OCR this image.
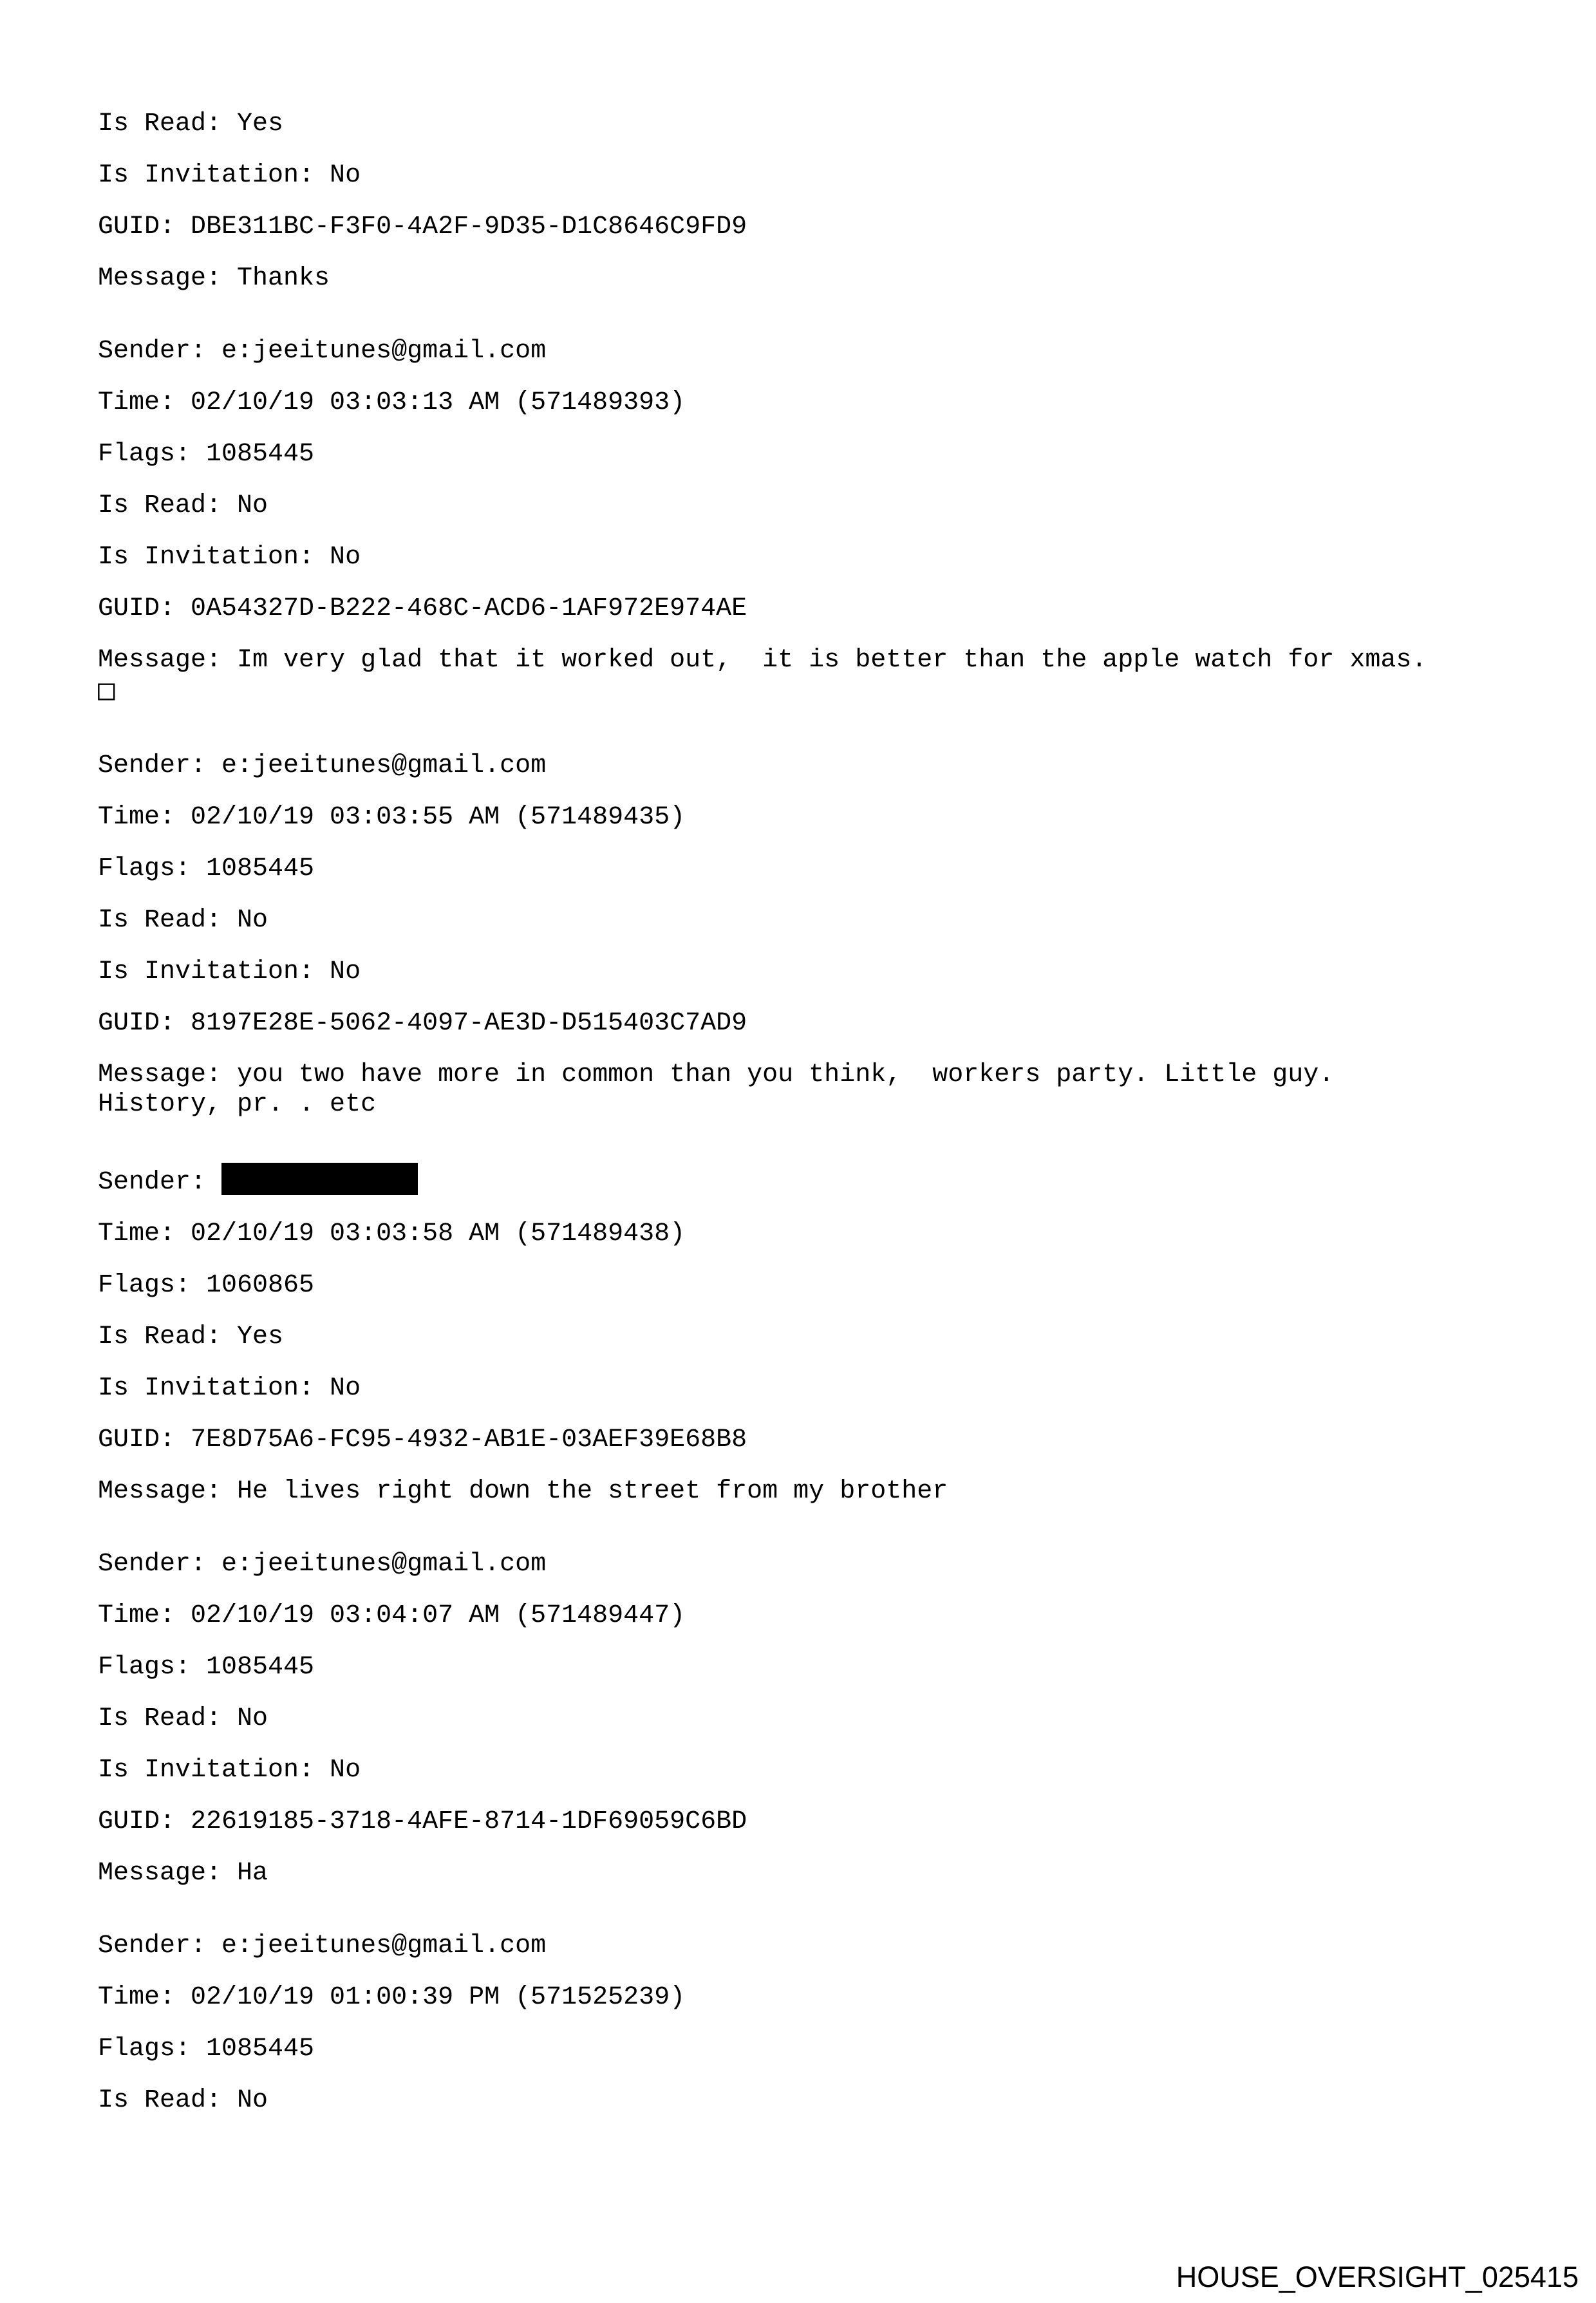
Is Read: Yes
Is Invitation: No
GUID: DBE311BC-F3F0-4A2F-9D35-D1C8646C9FD9
Message: Thanks
Sender: e:jeeitunes@gmail.com
Time: 02/10/19 03:03:13 AM (571489393)
Flags: 1085445
Is Read: No
Is Invitation: No
GUID: 0A54327D-B222-468C-ACD6-1AF972E974AE
Message: Im very glad that it worked out,  it is better than the apple watch for xmas.
□
Sender: e:jeeitunes@gmail.com
Time: 02/10/19 03:03:55 AM (571489435)
Flags: 1085445
Is Read: No
Is Invitation: No
GUID: 8197E28E-5062-4097-AE3D-D515403C7AD9
Message: you two have more in common than you think,  workers party. Little guy.
History, pr. . etc
Sender:
Time: 02/10/19 03:03:58 AM (571489438)
Flags: 1060865
Is Read: Yes
Is Invitation: No
GUID: 7E8D75A6-FC95-4932-AB1E-03AEF39E68B8
Message: He lives right down the street from my brother
Sender: e:jeeitunes@gmail.com
Time: 02/10/19 03:04:07 AM (571489447)
Flags: 1085445
Is Read: No
Is Invitation: No
GUID: 22619185-3718-4AFE-8714-1DF69059C6BD
Message: Ha
Sender: e:jeeitunes@gmail.com
Time: 02/10/19 01:00:39 PM (571525239)
Flags: 1085445
Is Read: No
HOUSE_OVERSIGHT_025415
